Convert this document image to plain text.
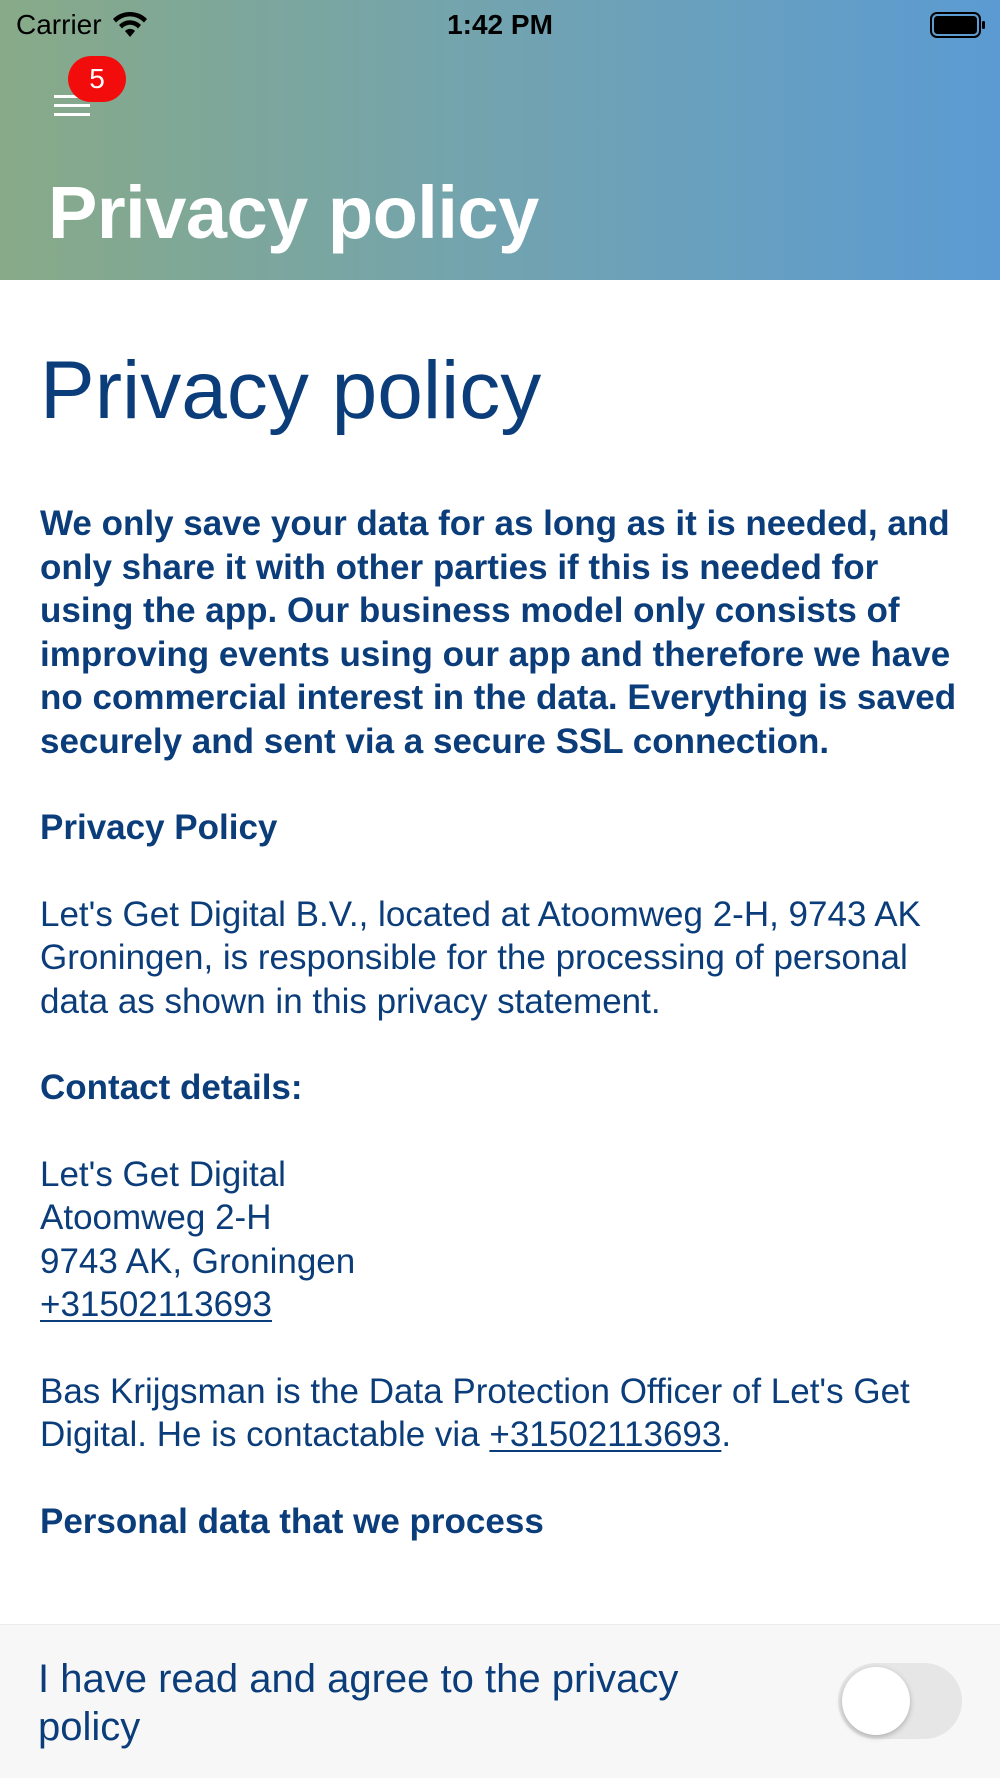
Carrier	1:42 PM
5
Privacy policy
Privacy policy

We only save your data for as long as it is needed, and only share it with other parties if this is needed for using the app. Our business model only consists of improving events using our app and therefore we have no commercial interest in the data. Everything is saved securely and sent via a secure SSL connection.

Privacy Policy

Let's Get Digital B.V., located at Atoomweg 2-H, 9743 AK Groningen, is responsible for the processing of personal data as shown in this privacy statement.

Contact details:

Let's Get Digital
Atoomweg 2-H
9743 AK, Groningen
+31502113693

Bas Krijgsman is the Data Protection Officer of Let's Get Digital. He is contactable via +31502113693.

Personal data that we process

I have read and agree to the privacy policy
